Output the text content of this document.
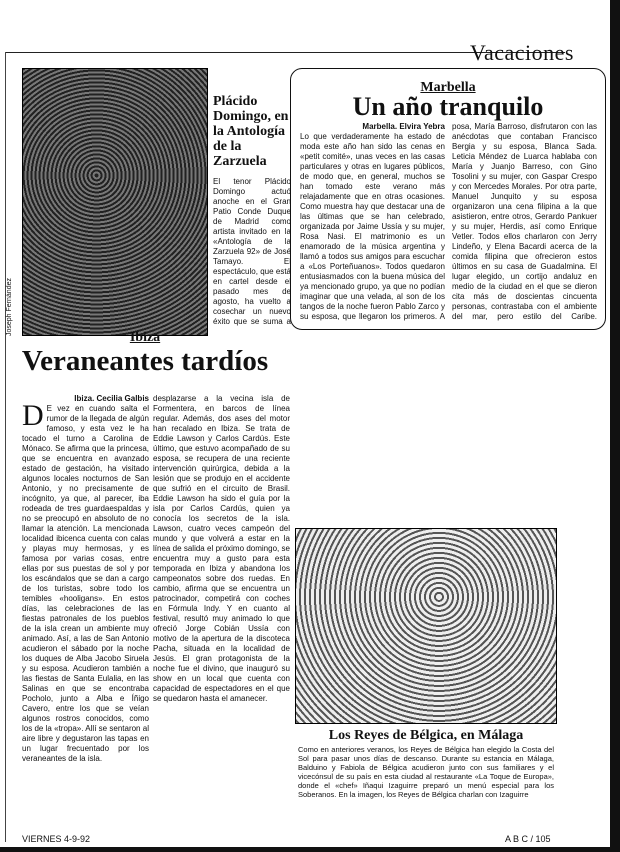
Vacaciones
Joseph Fernández
Plácido Domingo, en la Antología de la Zarzuela
El tenor Plácido Domingo actuó anoche en el Gran Patio Conde Duque de Madrid como artista invitado en la «Antología de la Zarzuela 92» de José Tamayo. El espectáculo, que está en cartel desde el pasado mes de agosto, ha vuelto a cosechar un nuevo éxito que se suma a
Marbella
Un año tranquilo
Marbella. Elvira Yebra
Lo que verdaderamente ha estado de moda este año han sido las cenas en «petit comité», unas veces en las casas particulares y otras en lugares públicos, de modo que, en general, muchos se han tomado este verano más relajadamente que en otras ocasiones. Como muestra hay que destacar una de las últimas que se han celebrado, organizada por Jaime Ussía y su mujer, Rosa Nasi. El matrimonio es un enamorado de la música argentina y llamó a todos sus amigos para escuchar a «Los Porteñuanos». Todos quedaron entusiasmados con la buena música del ya mencionado grupo, ya que no podían imaginar que una velada, al son de los tangos de la noche fueron Pablo Zarco y su esposa, que llegaron los primeros. A
posa, María Barroso, disfrutaron con las anécdotas que contaban Francisco Bergia y su esposa, Blanca Sada. Leticia Méndez de Luarca hablaba con María y Juanjo Barreso, con Gino Tosolini y su mujer, con Gaspar Crespo y con Mercedes Morales. Por otra parte, Manuel Junquito y su esposa organizaron una cena filipina a la que asistieron, entre otros, Gerardo Pankuer y su mujer, Herdis, así como Enrique Vetler. Todos ellos charlaron con Jerry Lindeño, y Elena Bacardi acerca de la comida filipina que ofrecieron estos últimos en su casa de Guadalmina. El lugar elegido, un cortijo andaluz en medio de la ciudad en el que se dieron cita más de doscientas cincuenta personas, contrastaba con el ambiente del mar, pero estilo del Caribe.
Ibiza
Veraneantes tardíos
Ibiza. Cecilia Galbis
D E vez en cuando salta el rumor de la llegada de algún famoso, y esta vez le ha tocado el turno a Carolina de Mónaco. Se afirma que la princesa, que se encuentra en avanzado estado de gestación, ha visitado algunos locales nocturnos de San Antonio, y no precisamente de incógnito, ya que, al parecer, iba rodeada de tres guardaespaldas y no se preocupó en absoluto de no llamar la atención. La mencionada localidad ibicenca cuenta con calas y playas muy hermosas, y es famosa por varias cosas, entre ellas por sus puestas de sol y por los escándalos que se dan a cargo de los turistas, sobre todo los temibles «hooligans». En estos días, las celebraciones de las fiestas patronales de los pueblos de la isla crean un ambiente muy animado. Así, a las de San Antonio acudieron el sábado por la noche los duques de Alba Jacobo Siruela y su esposa. Acudieron también a las fiestas de Santa Eulalia, en las Salinas en que se encontraba Pocholo, junto a Alba e Íñigo Cavero, entre los que se veían algunos rostros conocidos, como los de la «tropa». Allí se sentaron al aire libre y degustaron las tapas en un lugar frecuentado por los veraneantes de la isla.
desplazarse a la vecina isla de Formentera, en barcos de línea regular. Además, dos ases del motor han recalado en Ibiza. Se trata de Eddie Lawson y Carlos Cardús. Este último, que estuvo acompañado de su esposa, se recupera de una reciente intervención quirúrgica, debida a la lesión que se produjo en el accidente que sufrió en el circuito de Brasil. Eddie Lawson ha sido el guía por la isla por Carlos Cardús, quien ya conocía los secretos de la isla. Lawson, cuatro veces campeón del mundo y que volverá a estar en la línea de salida el próximo domingo, se encuentra muy a gusto para esta temporada en Ibiza y abandona los campeonatos sobre dos ruedas. En cambio, afirma que se encuentra un patrocinador, competirá con coches en Fórmula Indy. Y en cuanto al festival, resultó muy animado lo que ofreció Jorge Cobián Ussía con motivo de la apertura de la discoteca Pacha, situada en la localidad de Jesús. El gran protagonista de la noche fue el divino, que inauguró su show en un local que cuenta con capacidad de espectadores en el que se quedaron hasta el amanecer.
Los Reyes de Bélgica, en Málaga
Como en anteriores veranos, los Reyes de Bélgica han elegido la Costa del Sol para pasar unos días de descanso. Durante su estancia en Málaga, Balduino y Fabiola de Bélgica acudieron junto con sus familiares y el vicecónsul de su país en esta ciudad al restaurante «La Toque de Europa», donde el «chef» Iñaqui Izaguirre preparó un menú especial para los Soberanos. En la imagen, los Reyes de Bélgica charlan con Izaguirre
VIERNES 4-9-92	A B C / 105
